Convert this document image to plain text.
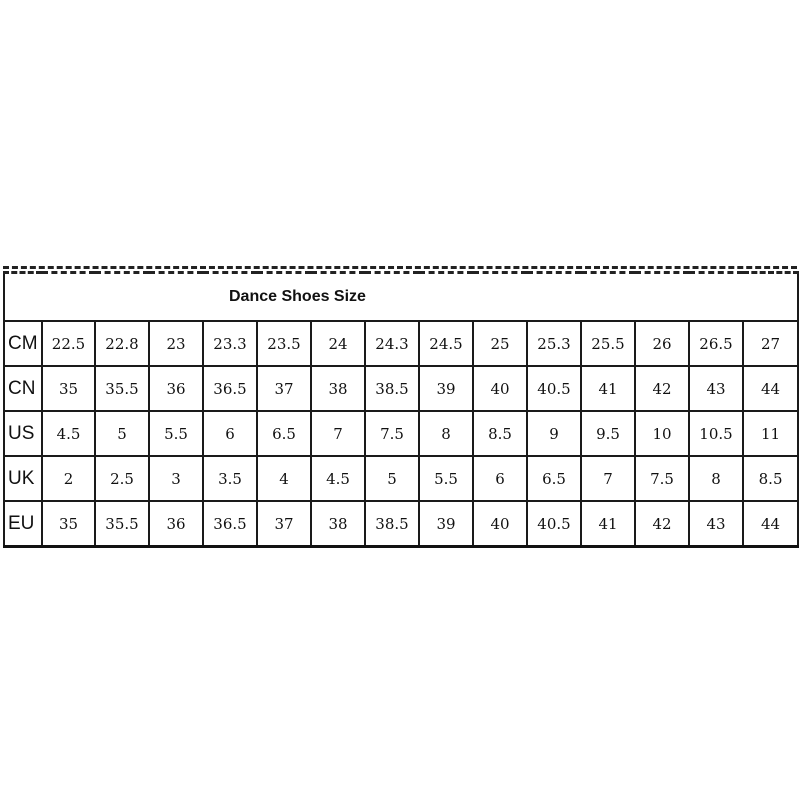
Dance Shoes Size														
CM	22.5	22.8	23	23.3	23.5	24	24.3	24.5	25	25.3	25.5	26	26.5	27
CN	35	35.5	36	36.5	37	38	38.5	39	40	40.5	41	42	43	44
US	4.5	5	5.5	6	6.5	7	7.5	8	8.5	9	9.5	10	10.5	11
UK	2	2.5	3	3.5	4	4.5	5	5.5	6	6.5	7	7.5	8	8.5
EU	35	35.5	36	36.5	37	38	38.5	39	40	40.5	41	42	43	44
